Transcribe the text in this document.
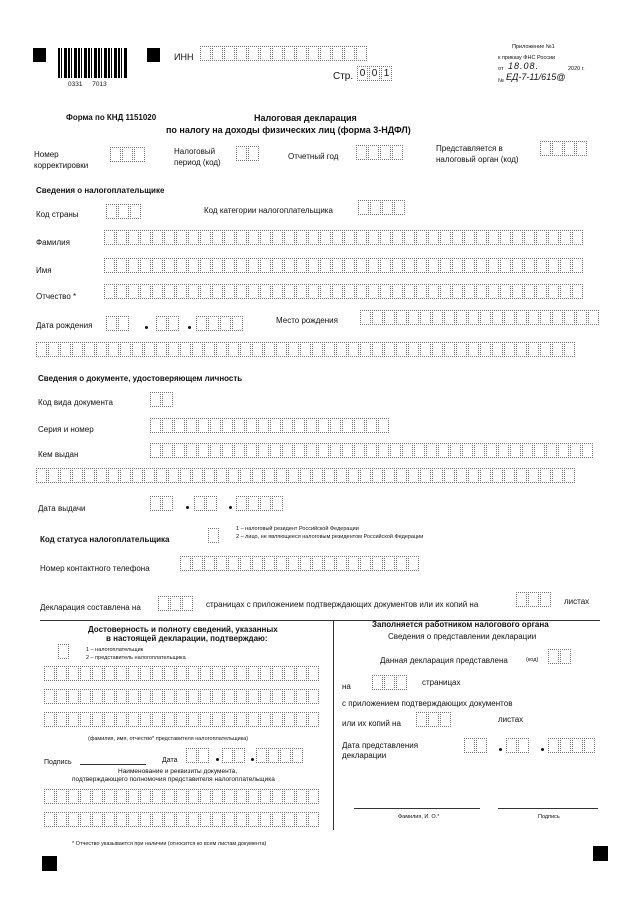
0331 7013
ИНН
Стр. 0 0 1
Приложение №1
к приказу ФНС России
от 18.08.	2020 г.
№ ЕД-7-11/615@
Форма по КНД 1151020	Налоговая декларация
по налогу на доходы физических лиц (форма 3-НДФЛ)
Номер корректировки
Налоговый период (код)
Отчетный год
Представляется в налоговый орган (код)
Сведения о налогоплательщике
Код страны	Код категории налогоплательщика
Фамилия
Имя
Отчество *
Дата рождения
Место рождения
Сведения о документе, удостоверяющем личность
Код вида документа
Серия и номер
Кем выдан
Дата выдачи
Код статуса налогоплательщика
1 – налоговый резидент Российской Федерации
2 – лицо, не являющееся налоговым резидентом Российской Федерации
Номер контактного телефона
Декларация составлена на	страницах с приложением подтверждающих документов или их копий на	листах
Достоверность и полноту сведений, указанных
в настоящей декларации, подтверждаю:
1 – налогоплательщик
2 – представитель налогоплательщика
(фамилия, имя, отчество* представителя налогоплательщика)
Подпись	Дата
Наименование и реквизиты документа,
подтверждающего полномочия представителя налогоплательщика
Заполняется работником налогового органа
Сведения о представлении декларации
Данная декларация представлена	(код)
на	страницах
с приложением подтверждающих документов
или их копий на	листах
Дата представления
декларации
Фамилия, И. О.*	Подпись
* Отчество указывается при наличии (относится ко всем листам документа)
